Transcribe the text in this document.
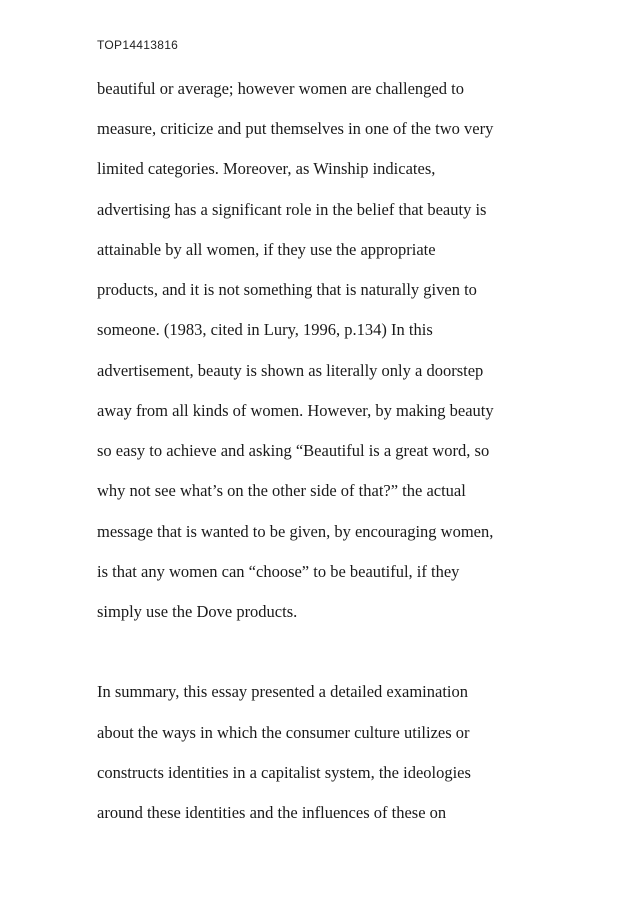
TOP14413816
beautiful or average; however women are challenged to
measure, criticize and put themselves in one of the two very
limited categories. Moreover, as Winship indicates,
advertising has a significant role in the belief that beauty is
attainable by all women, if they use the appropriate
products, and it is not something that is naturally given to
someone. (1983, cited in Lury, 1996, p.134) In this
advertisement, beauty is shown as literally only a doorstep
away from all kinds of women. However, by making beauty
so easy to achieve and asking “Beautiful is a great word, so
why not see what’s on the other side of that?” the actual
message that is wanted to be given, by encouraging women,
is that any women can “choose” to be beautiful, if they
simply use the Dove products.
In summary, this essay presented a detailed examination
about the ways in which the consumer culture utilizes or
constructs identities in a capitalist system, the ideologies
around these identities and the influences of these on
